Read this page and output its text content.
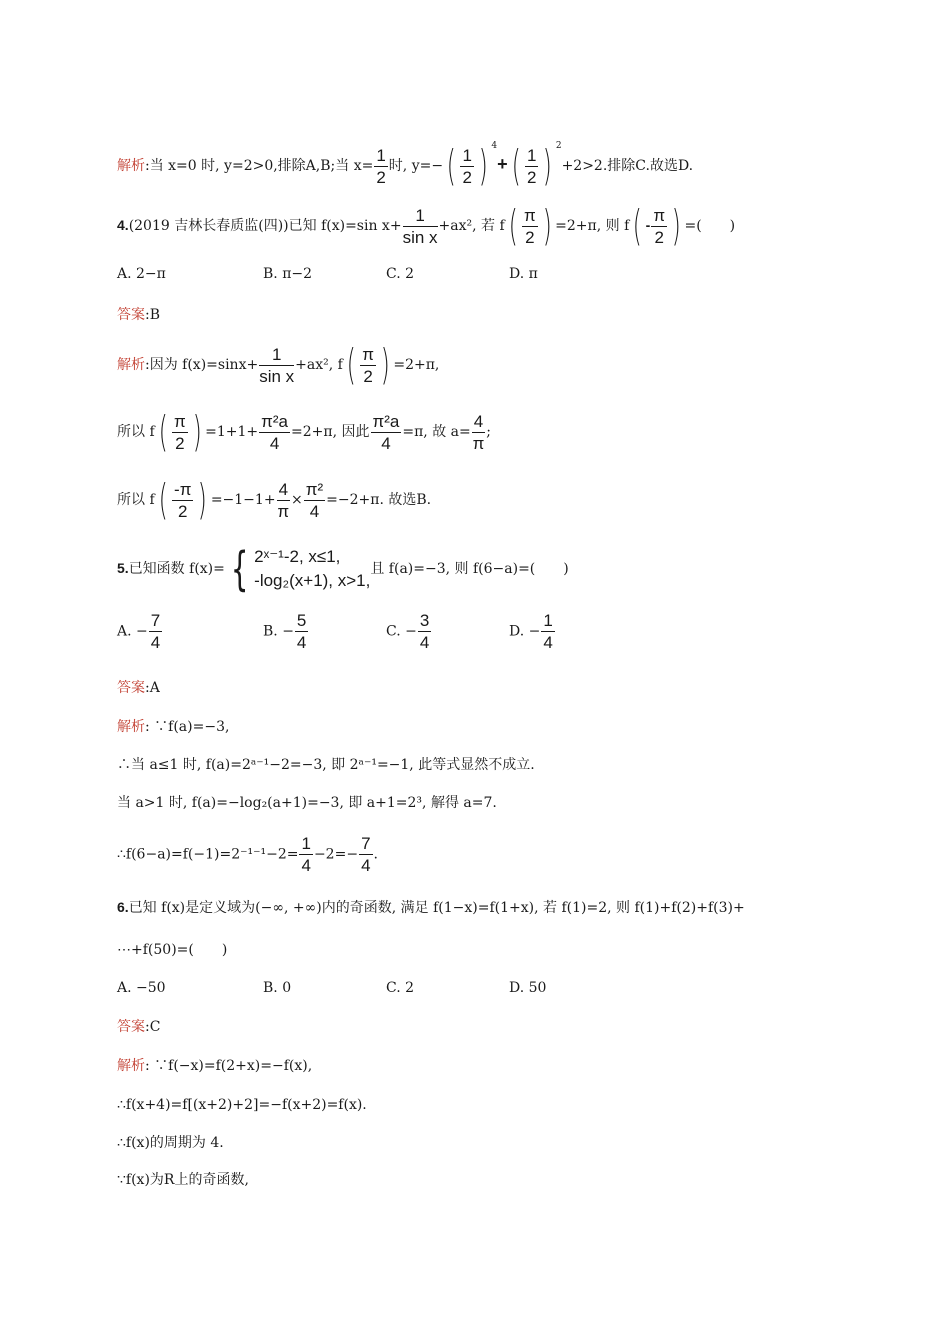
解析:当 x=0 时, y=2>0,排除A,B;当 $x= \frac{1}{2}$ 时, $y=-( \frac{1}{2}$ ) $^4+( \frac{1}{2}$ ) $^2$+2>2.排除C.故选D.
4.(2019 吉林长春质监(四))已知 f(x)=sin $x+ \frac{1}{\text{sin x}} +ax^2$, 若 $f( \frac{\pi}{2}$ ) =2+π, 则 $f( - \frac{\pi}{2}$ ) =(　　)
A. 2−π	B. π−2	C. 2	D. π
答案:B
解析:因为 $f(x)=\sin x+ \frac{1}{\text{sin x}} +ax^2$, $f( \frac{\pi}{2}$ ) =2+π,
所以 $f( \frac{\pi}{2}$ ) $=1+1+ \frac{\text{π²a}}{4} =2+\pi$, 因此 $\frac{\text{π²a}}{4} =\pi$, 故 $a= \frac{4}{\pi}$ ;
所以 $f( \frac{-\pi}{2}$ ) $=-1-1+ \frac{4}{\pi} \times \frac{\text{π²}}{4} =-2+\pi$. 故选B.
5.已知函数 f(x)= { 2ˣ⁻¹-2, x≤1,
-log₂(x+1), x>1,
且 f(a)=−3, 则 f(6−a)=(　　)
A. − $\frac{7}{4}$	B. − $\frac{5}{4}$	C. − $\frac{3}{4}$	D. − $\frac{1}{4}$
答案:A
解析: ∵f(a)=−3,
∴当 a≤1 时, f(a)=2ᵃ⁻¹−2=−3, 即 2ᵃ⁻¹=−1, 此等式显然不成立.
当 a>1 时, f(a)=−log₂(a+1)=−3, 即 a+1=2³, 解得 a=7.
∴f(6−a)=f(−1)=2⁻¹⁻¹−2= $\frac{1}{4} -2=- \frac{7}{4}$ .
6.已知 f(x)是定义域为(−∞, +∞)内的奇函数, 满足 f(1−x)=f(1+x), 若 f(1)=2, 则 f(1)+f(2)+f(3)+
⋯+f(50)=(　　)
A. −50	B. 0	C. 2	D. 50
答案:C
解析: ∵f(−x)=f(2+x)=−f(x),
∴f(x+4)=f[(x+2)+2]=−f(x+2)=f(x).
∴f(x)的周期为 4.
∵f(x)为R上的奇函数,
